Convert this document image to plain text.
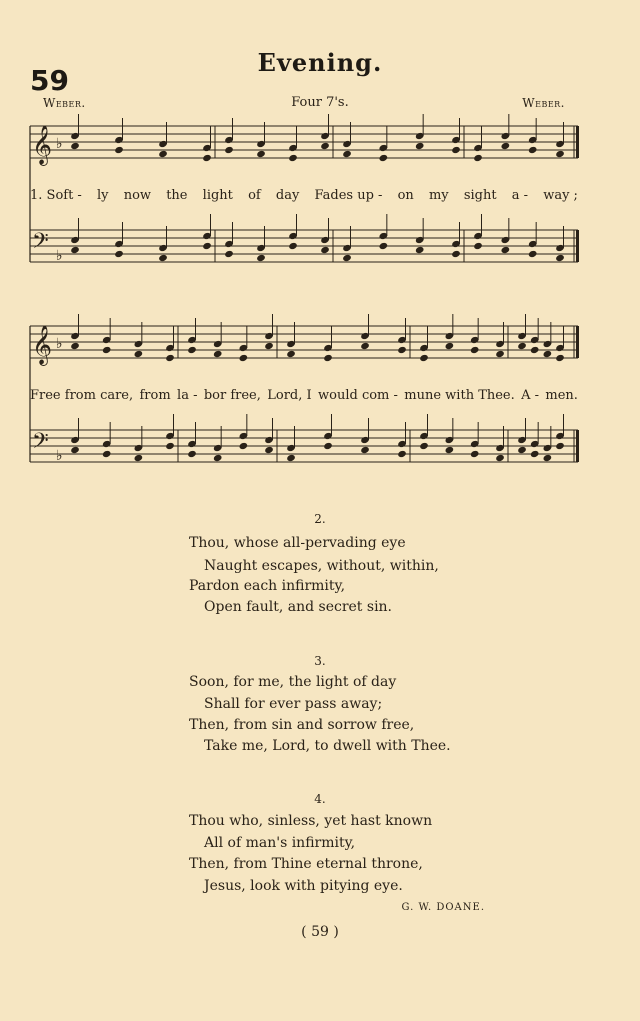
59
Evening.
Weber.	Four 7's.	Weber.
𝄞 ♭
𝄢 ♭
1. Soft - ly now the light of day Fades up - on my sight a - way ;
𝄞 ♭
𝄢 ♭
Free from care, from la - bor free, Lord, I would com - mune with Thee. A - men.
2.
Thou, whose all-pervading eye
Naught escapes, without, within,
Pardon each infirmity,
Open fault, and secret sin.
3.
Soon, for me, the light of day
Shall for ever pass away;
Then, from sin and sorrow free,
Take me, Lord, to dwell with Thee.
4.
Thou who, sinless, yet hast known
All of man's infirmity,
Then, from Thine eternal throne,
Jesus, look with pitying eye.
G. W. DOANE.
( 59 )
